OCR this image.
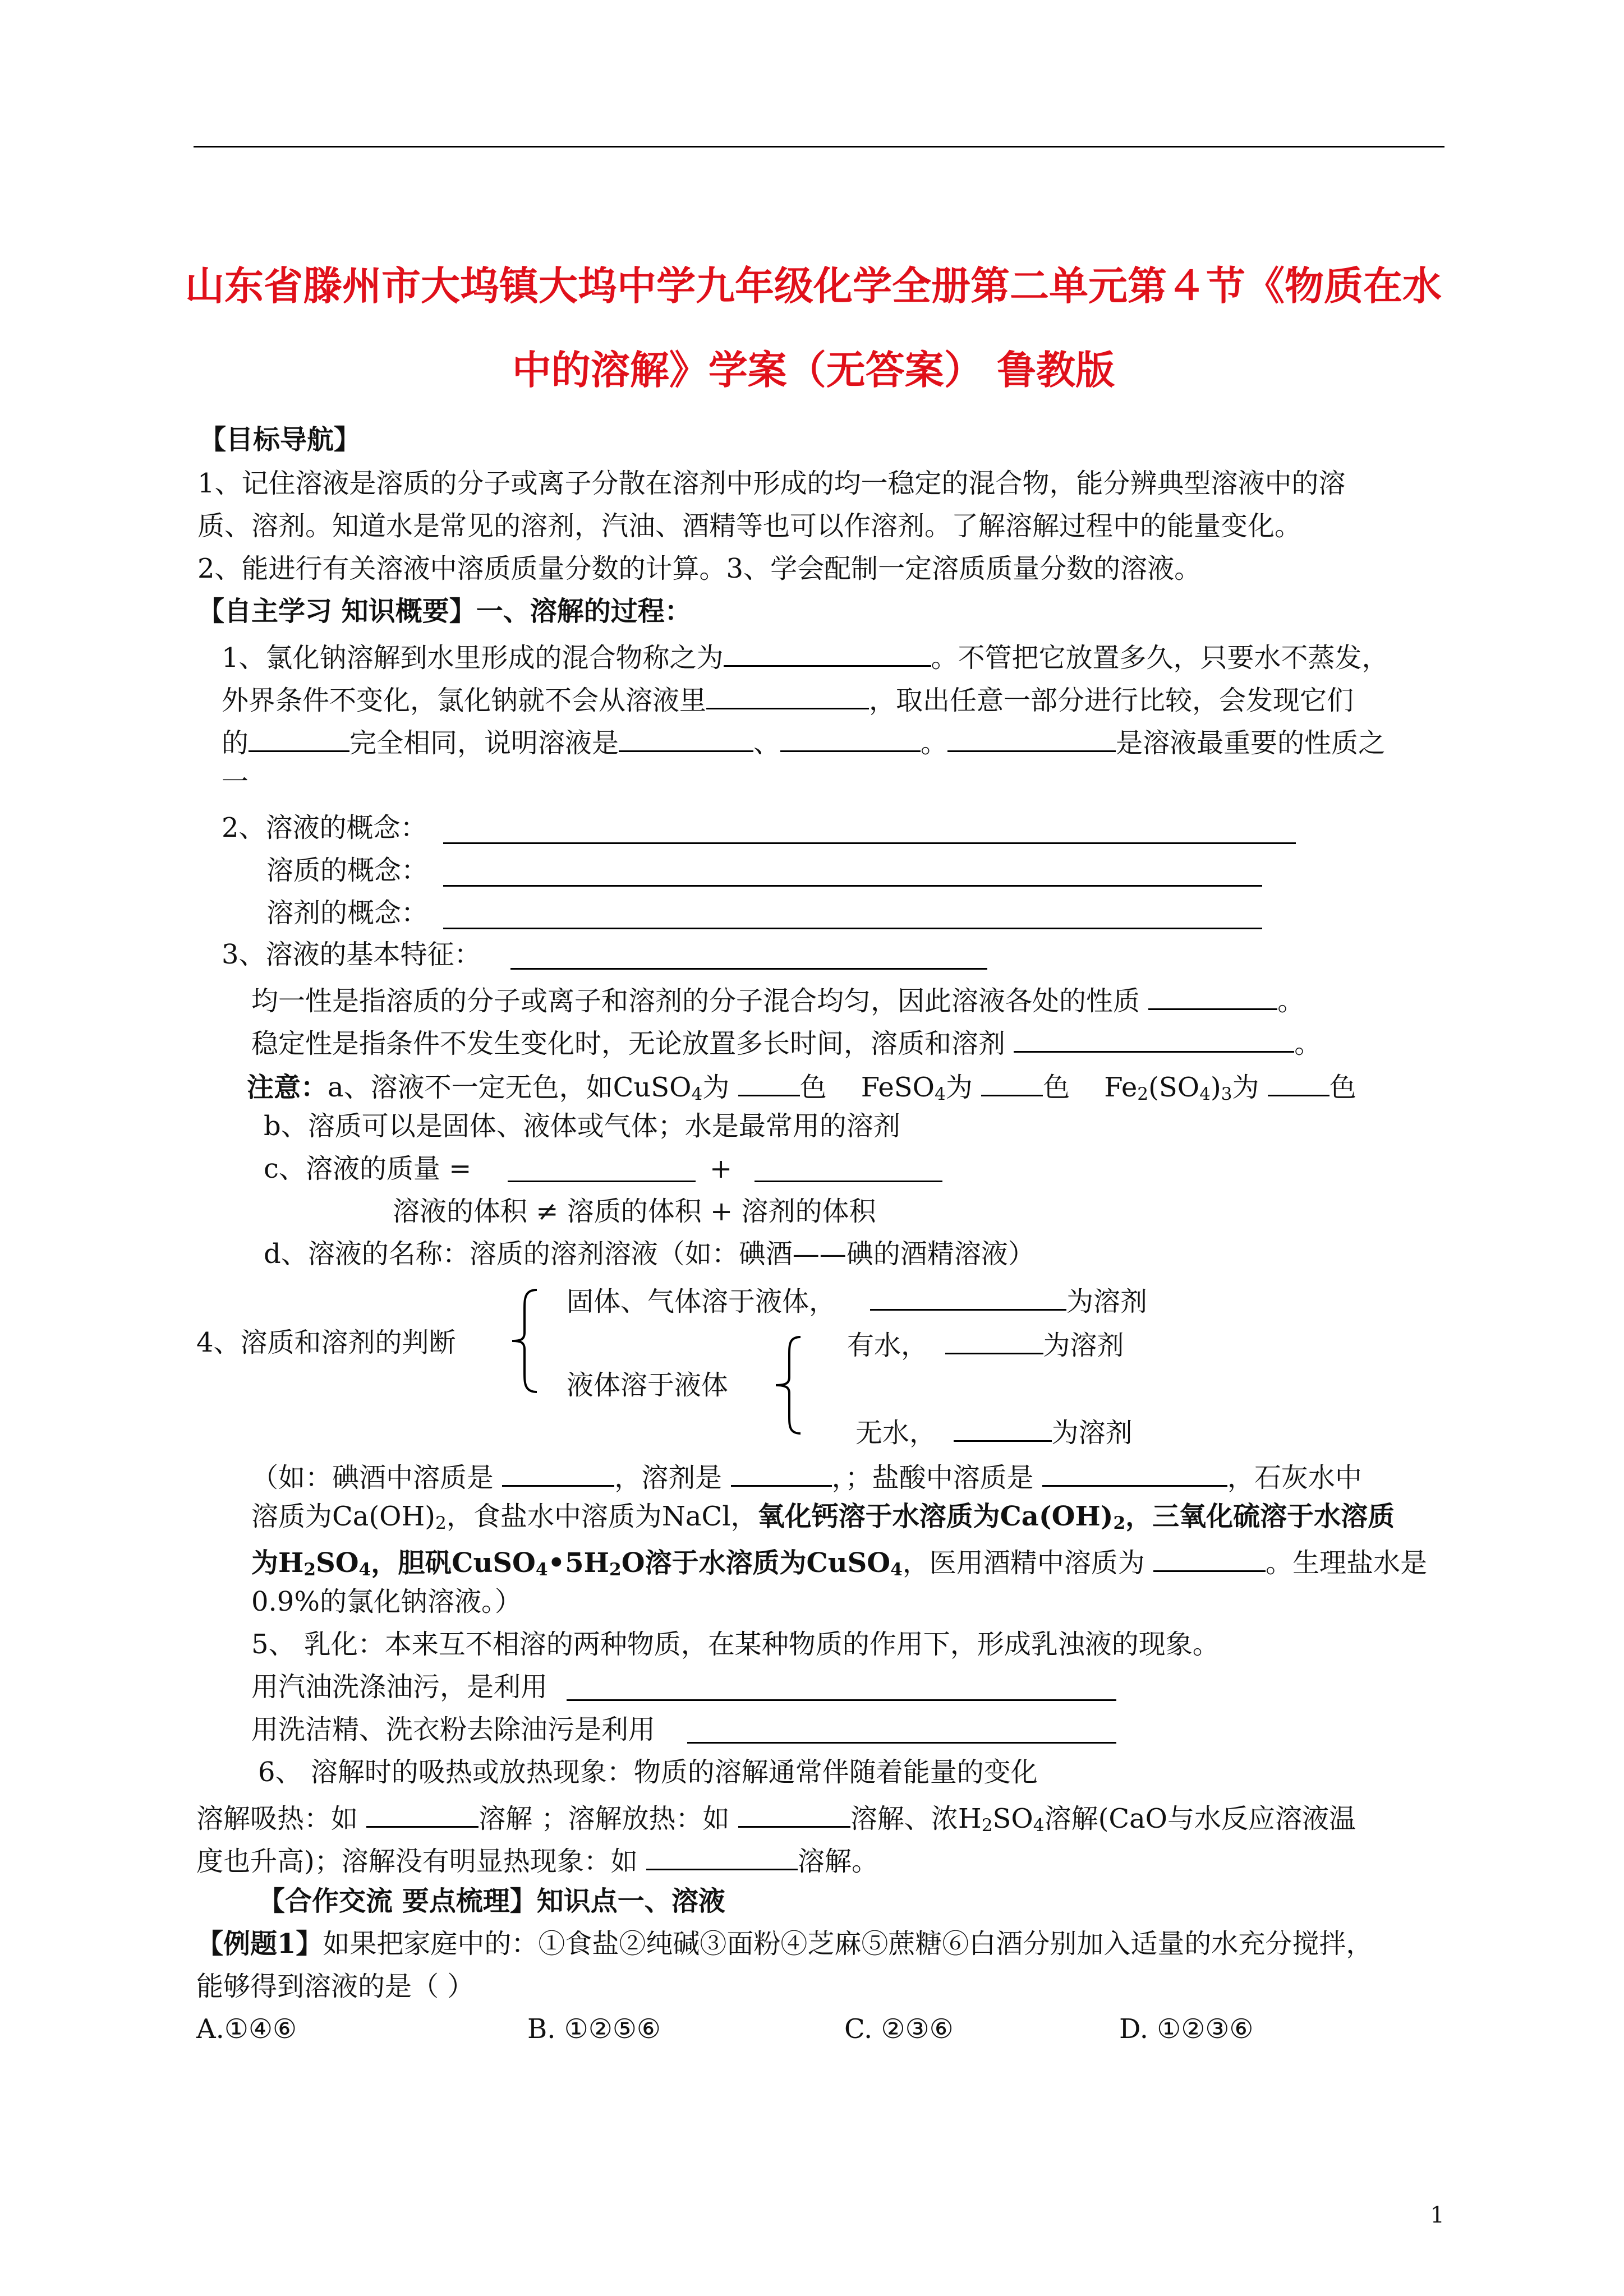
山东省滕州市大坞镇大坞中学九年级化学全册第二单元第４节《物质在水
中的溶解》学案（无答案） 鲁教版
【目标导航】
1、记住溶液是溶质的分子或离子分散在溶剂中形成的均一稳定的混合物，能分辨典型溶液中的溶
质、溶剂。知道水是常见的溶剂，汽油、酒精等也可以作溶剂。了解溶解过程中的能量变化。
2、能进行有关溶液中溶质质量分数的计算。3、学会配制一定溶质质量分数的溶液。
【自主学习 知识概要】一、溶解的过程：
1、氯化钠溶解到水里形成的混合物称之为	。不管把它放置多久，只要水不蒸发，
外界条件不变化，氯化钠就不会从溶液里	，取出任意一部分进行比较，会发现它们
的	完全相同，说明溶液是	、	。	是溶液最重要的性质之
一
2、溶液的概念：
溶质的概念：
溶剂的概念：
3、溶液的基本特征：
均一性是指溶质的分子或离子和溶剂的分子混合均匀，因此溶液各处的性质	。
稳定性是指条件不发生变化时，无论放置多长时间，溶质和溶剂	。
注意：a、溶液不一定无色，如CuSO$_4$为	色 FeSO$_4$为	色 $Fe_2(SO_4)_3$为	色
b、溶质可以是固体、液体或气体；水是最常用的溶剂
c、溶液的质量 =	+
溶液的体积 ≠ 溶质的体积 + 溶剂的体积
d、溶液的名称：溶质的溶剂溶液（如：碘酒——碘的酒精溶液）
4、溶质和溶剂的判断
固体、气体溶于液体，	为溶剂
液体溶于液体
有水，	为溶剂
无水，	为溶剂
（如：碘酒中溶质是	，溶剂是	，；盐酸中溶质是	，石灰水中
溶质为$Ca(OH)_2$，食盐水中溶质为NaCl，氧化钙溶于水溶质为$Ca(OH)_2$，三氧化硫溶于水溶质
为$H_2SO_4$，胆矾$CuSO_4•5H_2O$溶于水溶质为CuSO$_4$，医用酒精中溶质为	。生理盐水是
0.9%的氯化钠溶液。）
5、 乳化：本来互不相溶的两种物质，在某种物质的作用下，形成乳浊液的现象。
用汽油洗涤油污，是利用
用洗洁精、洗衣粉去除油污是利用
6、 溶解时的吸热或放热现象：物质的溶解通常伴随着能量的变化
溶解吸热：如	溶解 ；溶解放热：如	溶解、浓$H_2SO_4$溶解(CaO与水反应溶液温
度也升高)；溶解没有明显热现象：如	溶解。
【合作交流 要点梳理】知识点一、溶液
【例题1】如果把家庭中的：①食盐②纯碱③面粉④芝麻⑤蔗糖⑥白酒分别加入适量的水充分搅拌，
能够得到溶液的是（ ）
A.①④⑥	B. ①②⑤⑥	C. ②③⑥	D. ①②③⑥
1
